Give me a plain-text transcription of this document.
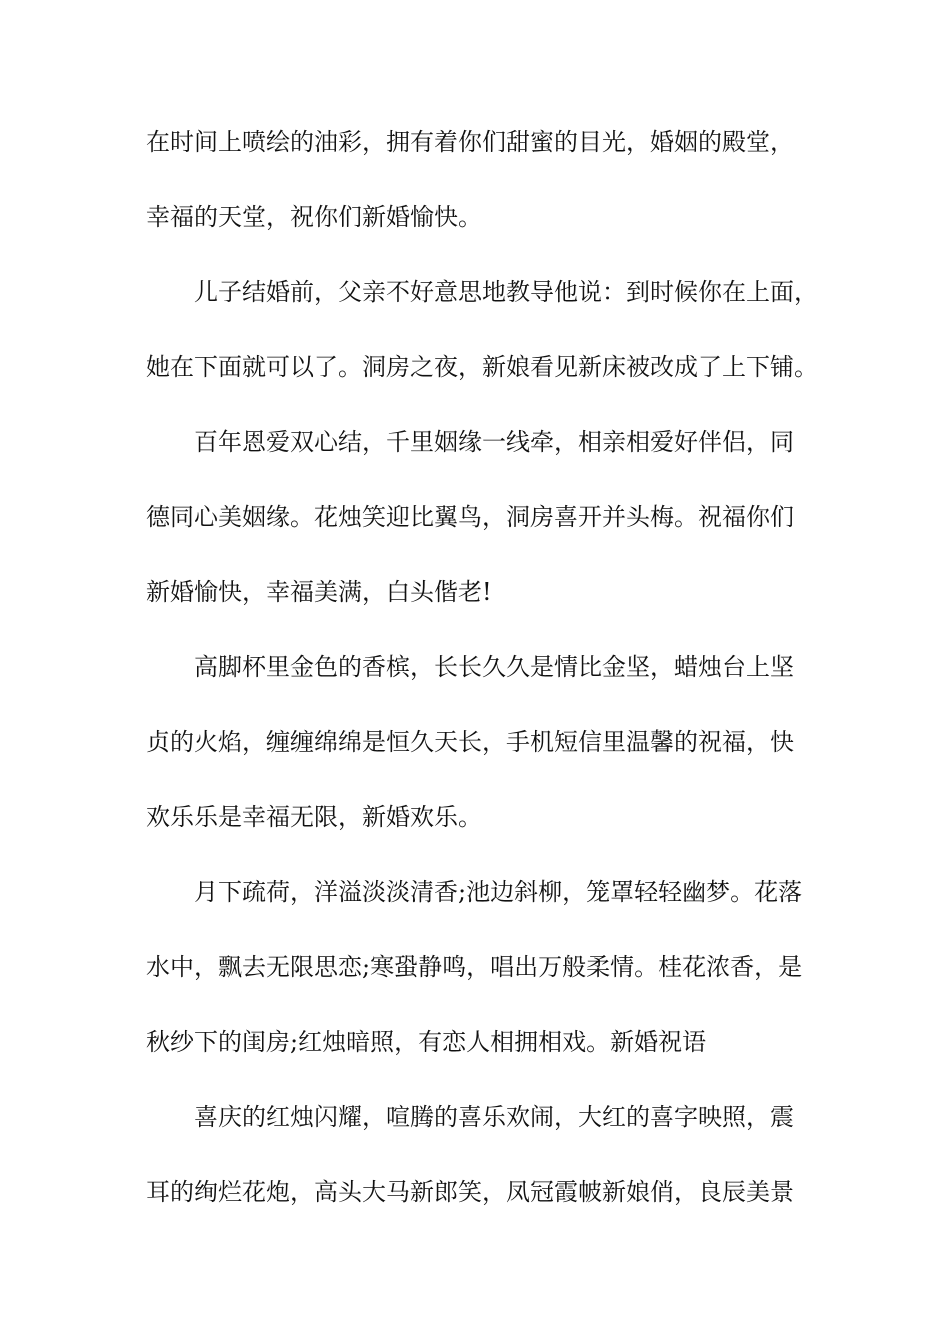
在时间上喷绘的油彩，拥有着你们甜蜜的目光，婚姻的殿堂，
幸福的天堂，祝你们新婚愉快。
儿子结婚前，父亲不好意思地教导他说：到时候你在上面，
她在下面就可以了。洞房之夜，新娘看见新床被改成了上下铺。
百年恩爱双心结，千里姻缘一线牵，相亲相爱好伴侣，同
德同心美姻缘。花烛笑迎比翼鸟，洞房喜开并头梅。祝福你们
新婚愉快，幸福美满，白头偕老!
高脚杯里金色的香槟，长长久久是情比金坚，蜡烛台上坚
贞的火焰，缠缠绵绵是恒久天长，手机短信里温馨的祝福，快
欢乐乐是幸福无限，新婚欢乐。
月下疏荷，洋溢淡淡清香;池边斜柳，笼罩轻轻幽梦。花落
水中，飘去无限思恋;寒蛩静鸣，唱出万般柔情。桂花浓香，是
秋纱下的闺房;红烛暗照，有恋人相拥相戏。新婚祝语
喜庆的红烛闪耀，喧腾的喜乐欢闹，大红的喜字映照，震
耳的绚烂花炮，高头大马新郎笑，凤冠霞帔新娘俏，良辰美景
